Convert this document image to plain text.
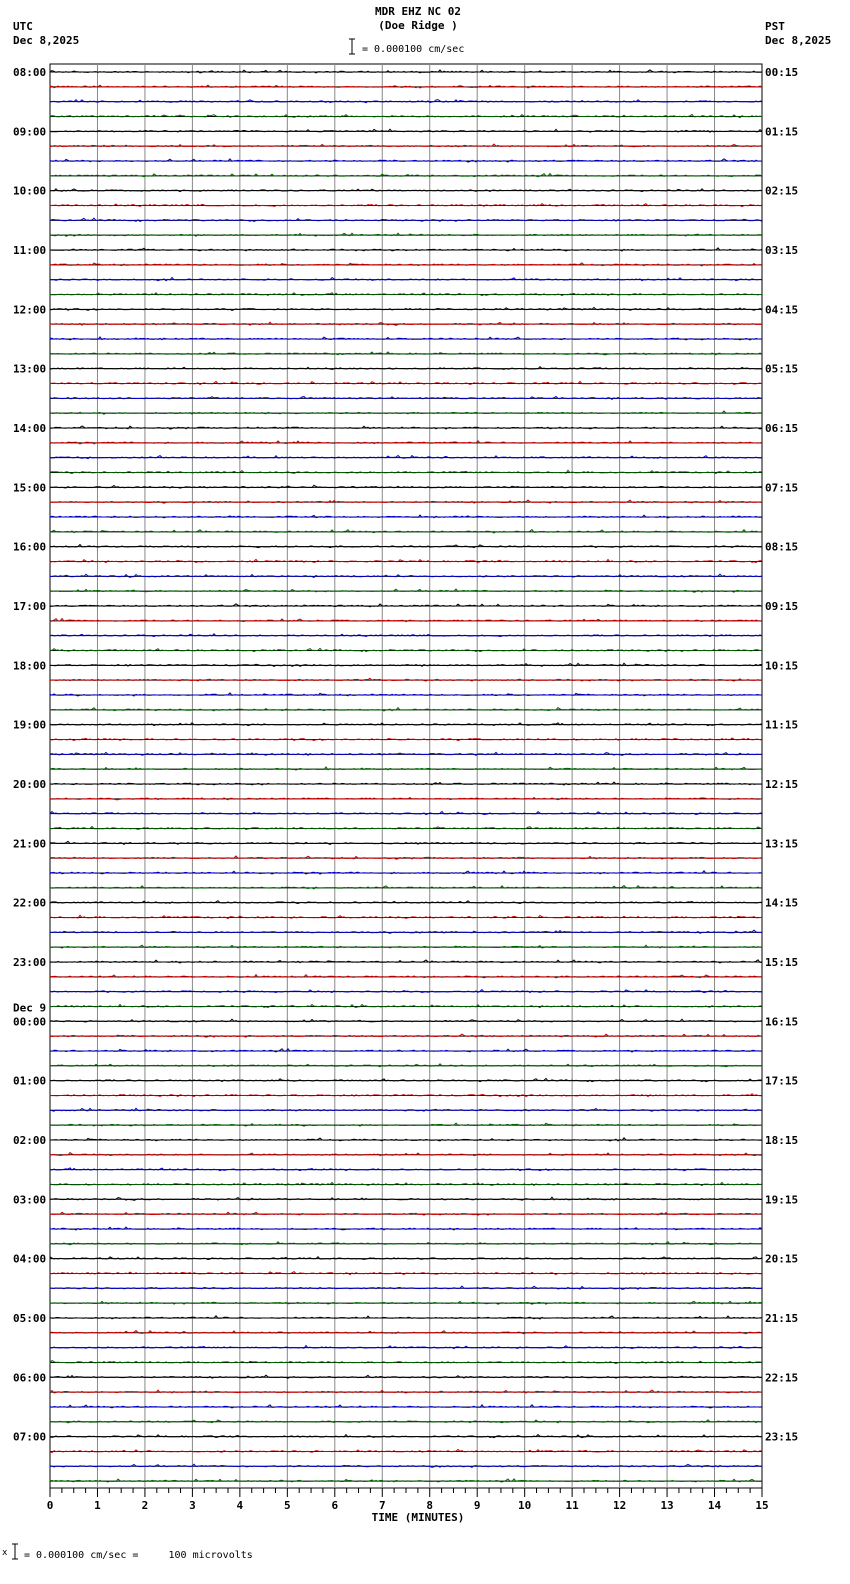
MDR EHZ NC 02
(Doe Ridge )
UTC
Dec 8,2025
PST
Dec 8,2025
= 0.000100 cm/sec
08:00	00:15
09:00	01:15
10:00	02:15
11:00	03:15
12:00	04:15
13:00	05:15
14:00	06:15
15:00	07:15
16:00	08:15
17:00	09:15
18:00	10:15
19:00	11:15
20:00	12:15
21:00	13:15
22:00	14:15
23:00	15:15
00:00	16:15
01:00	17:15
02:00	18:15
03:00	19:15
04:00	20:15
05:00	21:15
06:00	22:15
07:00	23:15
Dec 9
0	1	2	3	4	5	6	7	8	9	10	11	12	13	14	15
TIME (MINUTES)
x = 0.000100 cm/sec =     100 microvolts
